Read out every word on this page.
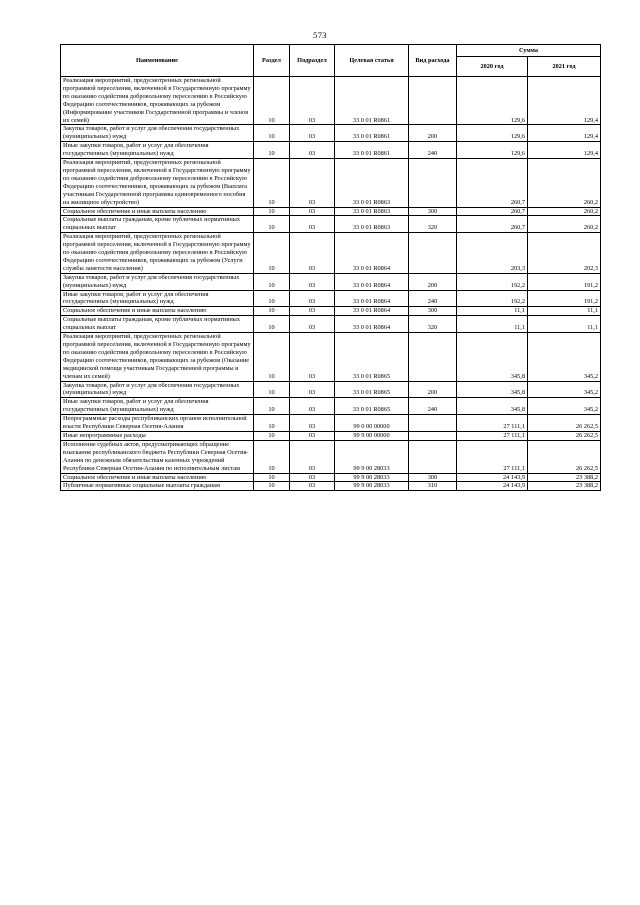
573
Наименование	Раздел	Подраздел	Целевая статья	Вид расхода	Сумма	
					2020 год	2021 год
Реализация мероприятий, предусмотренных региональной программой переселения, включенной в Государственную программу по оказанию содействия добровольному переселению в Российскую Федерацию соотечественников, проживающих за рубежом (Информирование участников Государственной программы и членов их семей)	10	03	33 0 01 R0861		129,6	129,4
Закупка товаров, работ и услуг для обеспечения государственных (муниципальных) нужд	10	03	33 0 01 R0861	200	129,6	129,4
Иные закупки товаров, работ и услуг для обеспечения государственных (муниципальных) нужд	10	03	33 0 01 R0861	240	129,6	129,4
Реализация мероприятий, предусмотренных региональной программой переселения, включенной в Государственную программу по оказанию содействия добровольному переселению в Российскую Федерацию соотечественников, проживающих за рубежом (Выплата участникам Государственной программы единовременного пособия на жилищное обустройство)	10	03	33 0 01 R0863		260,7	260,2
Социальное обеспечение и иные выплаты населению	10	03	33 0 01 R0863	300	260,7	260,2
Социальные выплаты гражданам, кроме публичных нормативных социальных выплат	10	03	33 0 01 R0863	320	260,7	260,2
Реализация мероприятий, предусмотренных региональной программой переселения, включенной в Государственную программу по оказанию содействия добровольному переселению в Российскую Федерацию соотечественников, проживающих за рубежом (Услуги службы занятости населения)	10	03	33 0 01 R0864		203,3	202,3
Закупка товаров, работ и услуг для обеспечения государственных (муниципальных) нужд	10	03	33 0 01 R0864	200	192,2	191,2
Иные закупки товаров, работ и услуг для обеспечения государственных (муниципальных) нужд	10	03	33 0 01 R0864	240	192,2	191,2
Социальное обеспечение и иные выплаты населению	10	03	33 0 01 R0864	300	11,1	11,1
Социальные выплаты гражданам, кроме публичных нормативных социальных выплат	10	03	33 0 01 R0864	320	11,1	11,1
Реализация мероприятий, предусмотренных региональной программой переселения, включенной в Государственную программу по оказанию содействия добровольному переселению в Российскую Федерацию соотечественников, проживающих за рубежом (Оказание медицинской помощи участникам Государственной программы и членам их семей)	10	03	33 0 01 R0865		345,8	345,2
Закупка товаров, работ и услуг для обеспечения государственных (муниципальных) нужд	10	03	33 0 01 R0865	200	345,8	345,2
Иные закупки товаров, работ и услуг для обеспечения государственных (муниципальных) нужд	10	03	33 0 01 R0865	240	345,8	345,2
Непрограммные расходы республиканских органов исполнительной власти Республики Северная Осетия-Алания	10	03	99 0 00 00000		27 111,1	26 262,5
Иные непрограммные расходы	10	03	99 9 00 00000		27 111,1	26 262,5
Исполнение судебных актов, предусматривающих обращение взыскания республиканского бюджета Республики Северная Осетия-Алания по денежным обязательствам казенных учреждений Республики Северная Осетия-Алания по исполнительным листам	10	03	99 9 00 28033		27 111,1	26 262,5
Социальное обеспечение и иные выплаты населению	10	03	99 9 00 28033	300	24 143,9	23 388,2
Публичные нормативные социальные выплаты гражданам	10	03	99 9 00 28033	310	24 143,9	23 388,2
